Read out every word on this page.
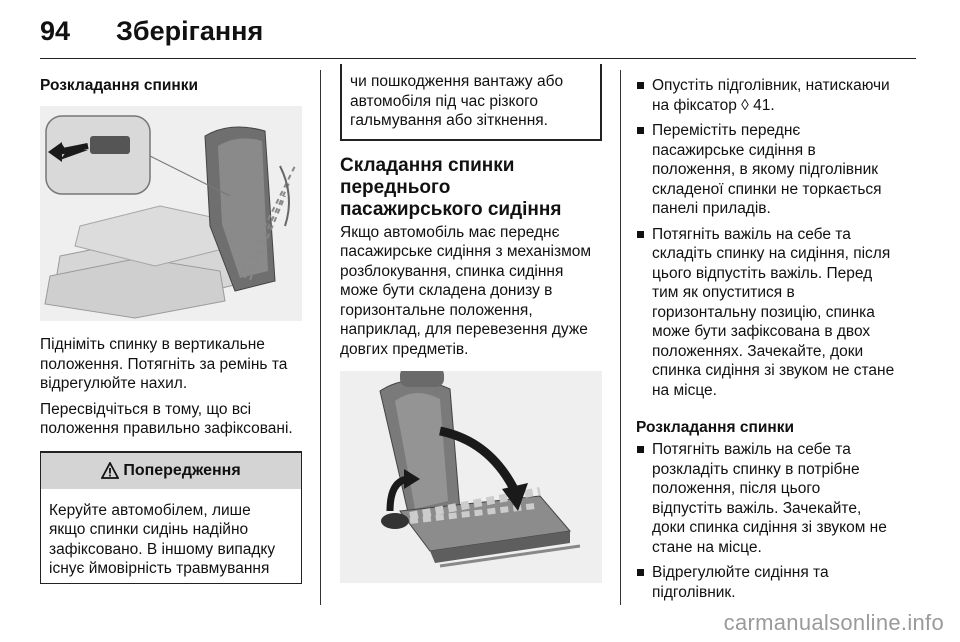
94 Зберігання
Розкладання спинки
Підніміть спинку в вертикальне
положення. Потягніть за ремінь та
відрегулюйте нахил.
Пересвідчіться в тому, що всі
положення правильно зафіксовані.
Попередження
Керуйте автомобілем, лише
якщо спинки сидінь надійно
зафіксовано. В іншому випадку
існує ймовірність травмування
чи пошкодження вантажу або
автомобіля під час різкого
гальмування або зіткнення.
Складання спинки переднього
пасажирського сидіння
Якщо автомобіль має переднє
пасажирське сидіння з механізмом
розблокування, спинка сидіння
може бути складена донизу в
горизонтальне положення,
наприклад, для перевезення дуже
довгих предметів.
Опустіть підголівник, натискаючи
на фіксатор ◊ 41.
Перемістіть переднє
пасажирське сидіння в
положення, в якому підголівник
складеної спинки не торкається
панелі приладів.
Потягніть важіль на себе та
складіть спинку на сидіння, після
цього відпустіть важіль. Перед
тим як опуститися в
горизонтальну позицію, спинка
може бути зафіксована в двох
положеннях. Зачекайте, доки
спинка сидіння зі звуком не стане
на місце.
Розкладання спинки
Потягніть важіль на себе та
розкладіть спинку в потрібне
положення, після цього
відпустіть важіль. Зачекайте,
доки спинка сидіння зі звуком не
стане на місце.
Відрегулюйте сидіння та
підголівник.
carmanualsonline.info
